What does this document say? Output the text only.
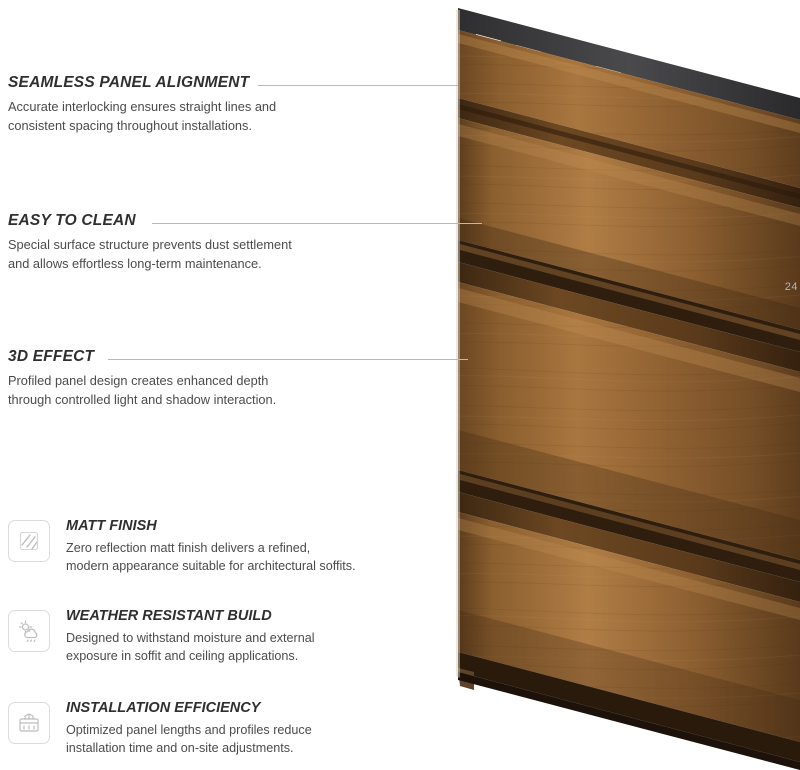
24

SEAMLESS PANEL ALIGNMENT

Accurate interlocking ensures straight lines and

consistent spacing throughout installations.

EASY TO CLEAN

Special surface structure prevents dust settlement

and allows effortless long-term maintenance.

3D EFFECT

Profiled panel design creates enhanced depth

through controlled light and shadow interaction.

MATT FINISH

Zero reflection matt finish delivers a refined,

modern appearance suitable for architectural soffits.

WEATHER RESISTANT BUILD

Designed to withstand moisture and external

exposure in soffit and ceiling applications.

INSTALLATION EFFICIENCY

Optimized panel lengths and profiles reduce

installation time and on-site adjustments.
